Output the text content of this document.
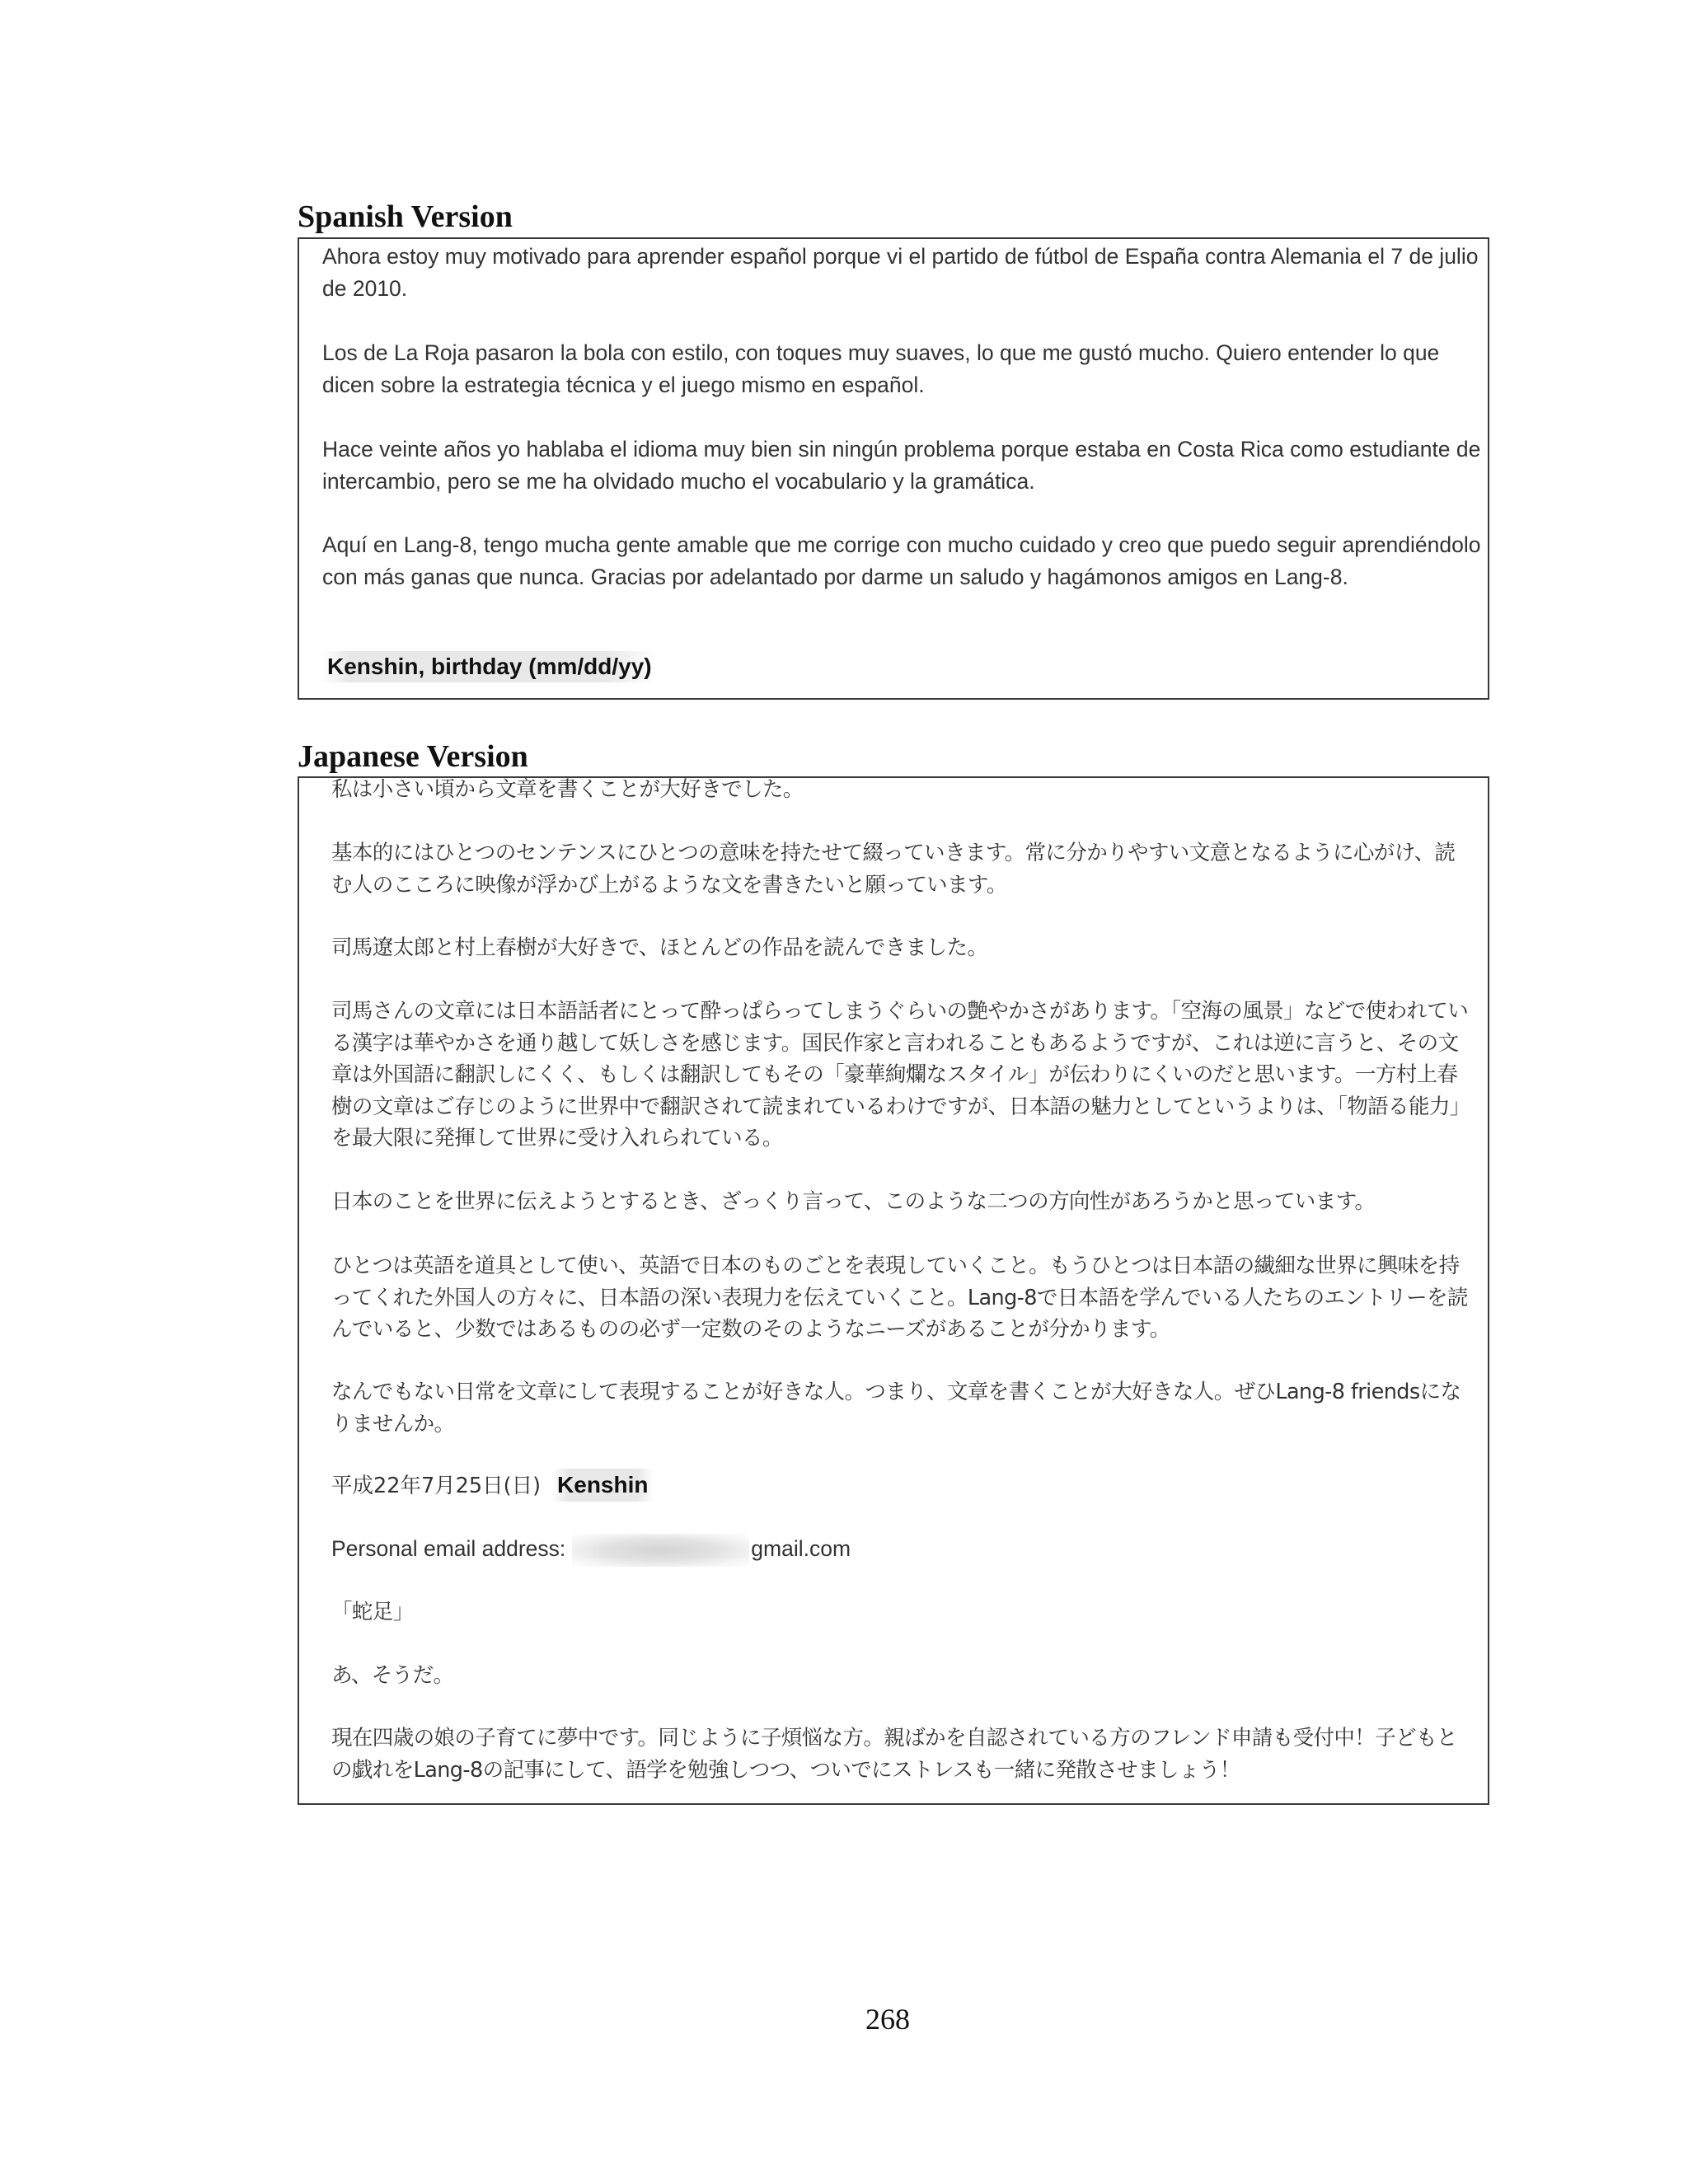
Spanish Version

Ahora estoy muy motivado para aprender español porque vi el partido de fútbol de España contra Alemania el 7 de julio de 2010.

Los de La Roja pasaron la bola con estilo, con toques muy suaves, lo que me gustó mucho. Quiero entender lo que dicen sobre la estrategia técnica y el juego mismo en español.

Hace veinte años yo hablaba el idioma muy bien sin ningún problema porque estaba en Costa Rica como estudiante de intercambio, pero se me ha olvidado mucho el vocabulario y la gramática.

Aquí en Lang-8, tengo mucha gente amable que me corrige con mucho cuidado y creo que puedo seguir aprendiéndolo con más ganas que nunca. Gracias por adelantado por darme un saludo y hagámonos amigos en Lang-8.

Kenshin, birthday (mm/dd/yy)

Japanese Version

私は小さい頃から文章を書くことが大好きでした。

基本的にはひとつのセンテンスにひとつの意味を持たせて綴っていきます。常に分かりやすい文意となるように心がけ、読む人のこころに映像が浮かび上がるような文を書きたいと願っています。

司馬遼太郎と村上春樹が大好きで、ほとんどの作品を読んできました。

司馬さんの文章には日本語話者にとって酔っぱらってしまうぐらいの艶やかさがあります。「空海の風景」などで使われている漢字は華やかさを通り越して妖しさを感じます。国民作家と言われることもあるようですが、これは逆に言うと、その文章は外国語に翻訳しにくく、もしくは翻訳してもその「豪華絢爛なスタイル」が伝わりにくいのだと思います。一方村上春樹の文章はご存じのように世界中で翻訳されて読まれているわけですが、日本語の魅力としてというよりは、「物語る能力」を最大限に発揮して世界に受け入れられている。

日本のことを世界に伝えようとするとき、ざっくり言って、このような二つの方向性があろうかと思っています。

ひとつは英語を道具として使い、英語で日本のものごとを表現していくこと。もうひとつは日本語の繊細な世界に興味を持ってくれた外国人の方々に、日本語の深い表現力を伝えていくこと。Lang-8で日本語を学んでいる人たちのエントリーを読んでいると、少数ではあるものの必ず一定数のそのようなニーズがあることが分かります。

なんでもない日常を文章にして表現することが好きな人。つまり、文章を書くことが大好きな人。ぜひLang-8 friendsになりませんか。

平成22年7月25日(日) Kenshin

Personal email address:	gmail.com

「蛇足」

あ、そうだ。

現在四歳の娘の子育てに夢中です。同じように子煩悩な方。親ばかを自認されている方のフレンド申請も受付中！子どもとの戯れをLang-8の記事にして、語学を勉強しつつ、ついでにストレスも一緒に発散させましょう！

268
